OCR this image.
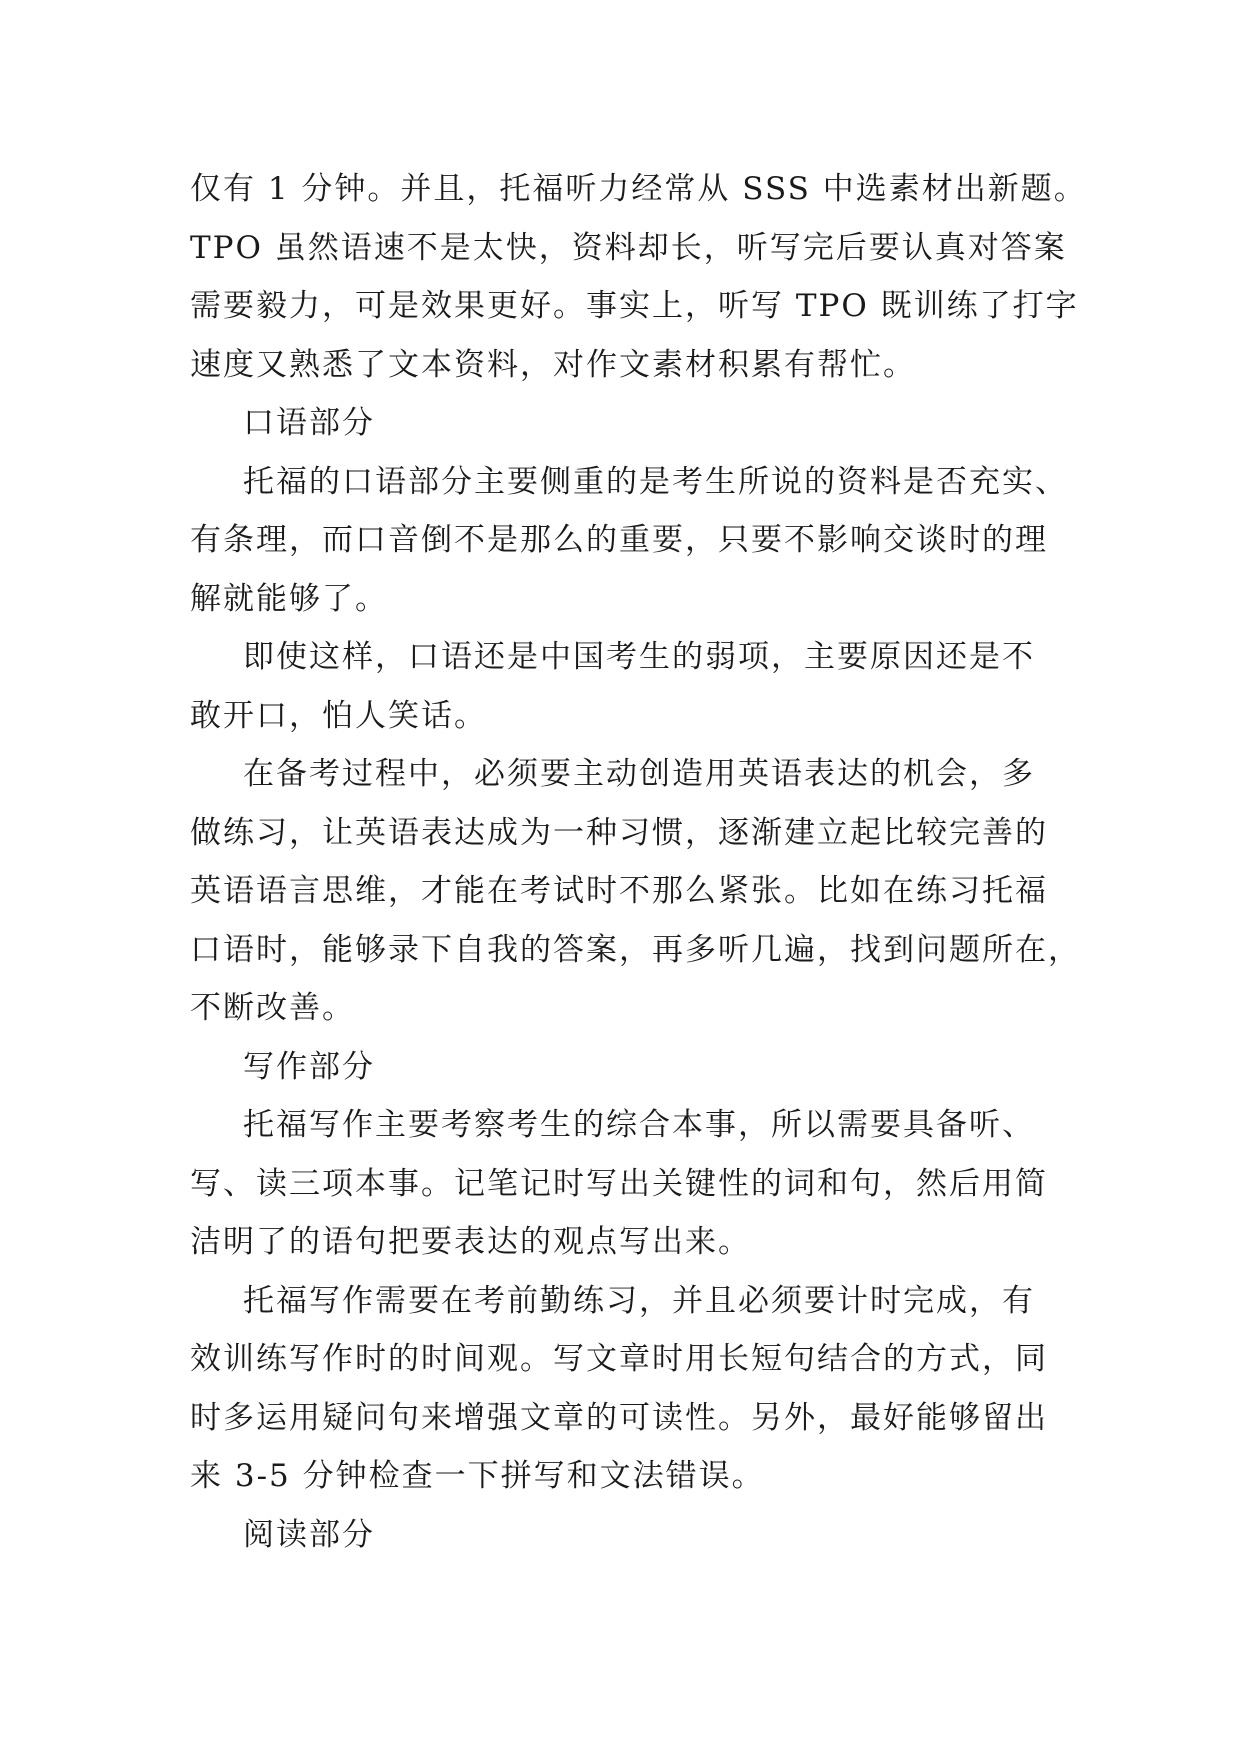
仅有 1 分钟。并且，托福听力经常从 SSS 中选素材出新题。
TPO 虽然语速不是太快，资料却长，听写完后要认真对答案
需要毅力，可是效果更好。事实上，听写 TPO 既训练了打字
速度又熟悉了文本资料，对作文素材积累有帮忙。
口语部分
托福的口语部分主要侧重的是考生所说的资料是否充实、
有条理，而口音倒不是那么的重要，只要不影响交谈时的理
解就能够了。
即使这样，口语还是中国考生的弱项，主要原因还是不
敢开口，怕人笑话。
在备考过程中，必须要主动创造用英语表达的机会，多
做练习，让英语表达成为一种习惯，逐渐建立起比较完善的
英语语言思维，才能在考试时不那么紧张。比如在练习托福
口语时，能够录下自我的答案，再多听几遍，找到问题所在，
不断改善。
写作部分
托福写作主要考察考生的综合本事，所以需要具备听、
写、读三项本事。记笔记时写出关键性的词和句，然后用简
洁明了的语句把要表达的观点写出来。
托福写作需要在考前勤练习，并且必须要计时完成，有
效训练写作时的时间观。写文章时用长短句结合的方式，同
时多运用疑问句来增强文章的可读性。另外，最好能够留出
来 3-5 分钟检查一下拼写和文法错误。
阅读部分
